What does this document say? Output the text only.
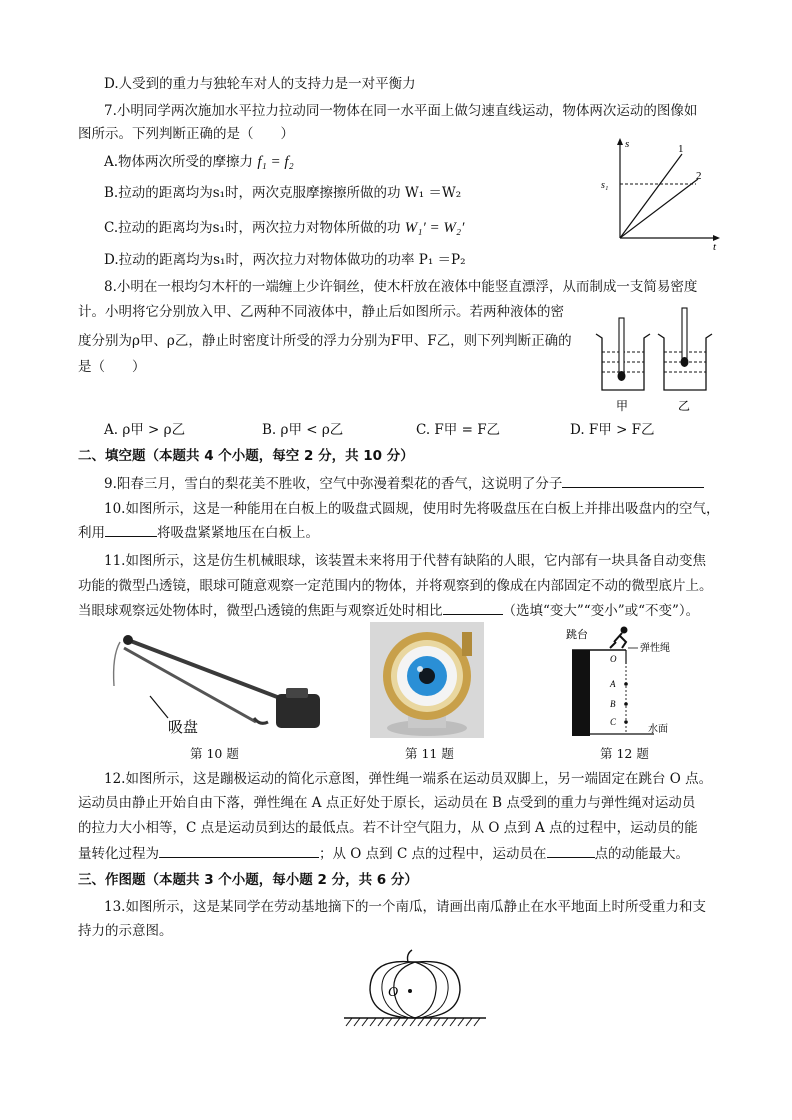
D.人受到的重力与独轮车对人的支持力是一对平衡力
7.小明同学两次施加水平拉力拉动同一物体在同一水平面上做匀速直线运动，物体两次运动的图像如
图所示。下列判断正确的是（　　）
A.物体两次所受的摩擦力 f₁ = f₂
B.拉动的距离均为s₁时，两次克服摩擦擦所做的功 W₁ ＝W₂
C.拉动的距离均为s₁时，两次拉力对物体所做的功 W₁′ = W₂′
D.拉动的距离均为s₁时，两次拉力对物体做功的功率 P₁ ＝P₂
s
t
s₁
1
2
8.小明在一根均匀木杆的一端缠上少许铜丝，使木杆放在液体中能竖直漂浮，从而制成一支简易密度
计。小明将它分别放入甲、乙两种不同液体中，静止后如图所示。若两种液体的密
度分别为ρ甲、ρ乙，静止时密度计所受的浮力分别为F甲、F乙，则下列判断正确的
是（　　）
甲	乙
A. ρ甲 > ρ乙	B. ρ甲 < ρ乙	C. F甲 = F乙	D. F甲 > F乙
二、填空题（本题共 4 个小题，每空 2 分，共 10 分）
9.阳春三月，雪白的梨花美不胜收，空气中弥漫着梨花的香气，这说明了分子
10.如图所示，这是一种能用在白板上的吸盘式圆规，使用时先将吸盘压在白板上并排出吸盘内的空气，
利用	将吸盘紧紧地压在白板上。
11.如图所示，这是仿生机械眼球，该装置未来将用于代替有缺陷的人眼，它内部有一块具备自动变焦
功能的微型凸透镜，眼球可随意观察一定范围内的物体，并将观察到的像成在内部固定不动的微型底片上。
当眼球观察远处物体时，微型凸透镜的焦距与观察近处时相比	（选填“变大”“变小”或“不变”）。
吸盘
第 10 题	第 11 题
跳台
弹性绳
O
A
B
C
水面
第 12 题
12.如图所示，这是蹦极运动的简化示意图，弹性绳一端系在运动员双脚上，另一端固定在跳台 O 点。
运动员由静止开始自由下落，弹性绳在 A 点正好处于原长，运动员在 B 点受到的重力与弹性绳对运动员
的拉力大小相等，C 点是运动员到达的最低点。若不计空气阻力，从 O 点到 A 点的过程中，运动员的能
量转化过程为	；从 O 点到 C 点的过程中，运动员在	点的动能最大。
三、作图题（本题共 3 个小题，每小题 2 分，共 6 分）
13.如图所示，这是某同学在劳动基地摘下的一个南瓜，请画出南瓜静止在水平地面上时所受重力和支
持力的示意图。
O
